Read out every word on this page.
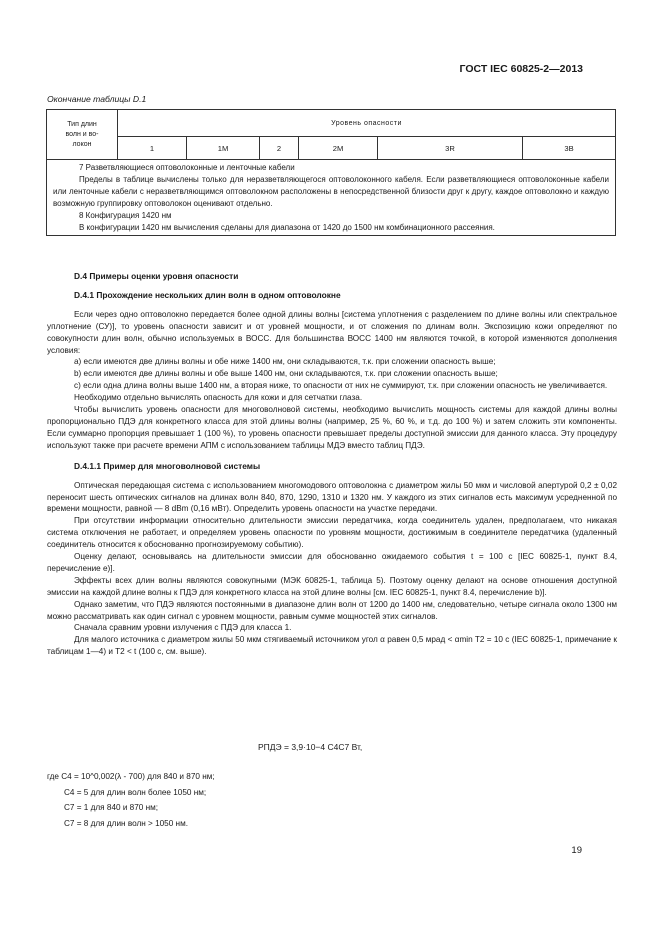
ГОСТ IEC 60825-2—2013
Окончание таблицы D.1
Тип длин
волн и во-
локон	Уровень опасности					
	1	1M	2	2M	3R	3B

7 Разветвляющиеся оптоволоконные и ленточные кабели

Пределы в таблице вычислены только для неразветвляющегося оптоволоконного кабеля. Если разветвляющиеся оптоволоконные кабели или ленточные кабели с неразветвляющимся оптоволокном расположены в непосредственной близости друг к другу, каждое оптоволокно и каждую возможную группировку оптоволокон оценивают отдельно.

8 Конфигурация 1420 нм

В конфигурации 1420 нм вычисления сделаны для диапазона от 1420 до 1500 нм комбинационного рассеяния.						

D.4 Примеры оценки уровня опасности
D.4.1 Прохождение нескольких длин волн в одном оптоволокне

Если через одно оптоволокно передается более одной длины волны [система уплотнения с разделением по длине волны или спектральное уплотнение (СУ)], то уровень опасности зависит и от уровней мощности, и от сложения по длинам волн. Экспозицию кожи определяют по совокупности длин волн, обычно используемых в ВОСС. Для большинства ВОСС 1400 нм являются точкой, в которой изменяются дополнения условия:

a) если имеются две длины волны и обе ниже 1400 нм, они складываются, т.к. при сложении опасность выше;

b) если имеются две длины волны и обе выше 1400 нм, они складываются, т.к. при сложении опасность выше;

c) если одна длина волны выше 1400 нм, а вторая ниже, то опасности от них не суммируют, т.к. при сложении опасность не увеличивается.

Необходимо отдельно вычислять опасность для кожи и для сетчатки глаза.

Чтобы вычислить уровень опасности для многоволновой системы, необходимо вычислить мощность системы для каждой длины волны пропорционально ПДЭ для конкретного класса для этой длины волны (например, 25 %, 60 %, и т.д. до 100 %) и затем сложить эти компоненты. Если суммарно пропорция превышает 1 (100 %), то уровень опасности превышает пределы доступной эмиссии для данного класса. Эту процедуру используют также при расчете времени АПМ с использованием таблицы МДЭ вместо таблиц ПДЭ.

D.4.1.1 Пример для многоволновой системы

Оптическая передающая система с использованием многомодового оптоволокна с диаметром жилы 50 мкм и числовой апертурой 0,2 ± 0,02 переносит шесть оптических сигналов на длинах волн 840, 870, 1290, 1310 и 1320 нм. У каждого из этих сигналов есть максимум усредненной по времени мощности, равной — 8 dBm (0,16 мВт). Определить уровень опасности на участке передачи.

При отсутствии информации относительно длительности эмиссии передатчика, когда соединитель удален, предполагаем, что никакая система отключения не работает, и определяем уровень опасности по уровням мощности, достижимым в соединителе передатчика (удаленный соединитель относится к обоснованно прогнозируемому событию).

Оценку делают, основываясь на длительности эмиссии для обоснованно ожидаемого события t = 100 с [IEC 60825-1, пункт 8.4, перечисление е)].

Эффекты всех длин волны являются совокупными (МЭК 60825-1, таблица 5). Поэтому оценку делают на основе отношения доступной эмиссии на каждой длине волны к ПДЭ для конкретного класса на этой длине волны [см. IEC 60825-1, пункт 8.4, перечисление b)].

Однако заметим, что ПДЭ являются постоянными в диапазоне длин волн от 1200 до 1400 нм, следовательно, четыре сигнала около 1300 нм можно рассматривать как один сигнал с уровнем мощности, равным сумме мощностей этих сигналов.

Сначала сравним уровни излучения с ПДЭ для класса 1.

Для малого источника с диаметром жилы 50 мкм стягиваемый источником угол α равен 0,5 мрад < αmin T2 = 10 с (IEC 60825-1, примечание к таблицам 1—4) и T2 < t (100 с, см. выше).

PПДЭ = 3,9·10−4 C4C7 Вт,
где C4 = 10^0,002(λ - 700) для 840 и 870 нм;
C4 = 5 для длин волн более 1050 нм;
C7 = 1 для 840 и 870 нм;
C7 = 8 для длин волн > 1050 нм.
19
